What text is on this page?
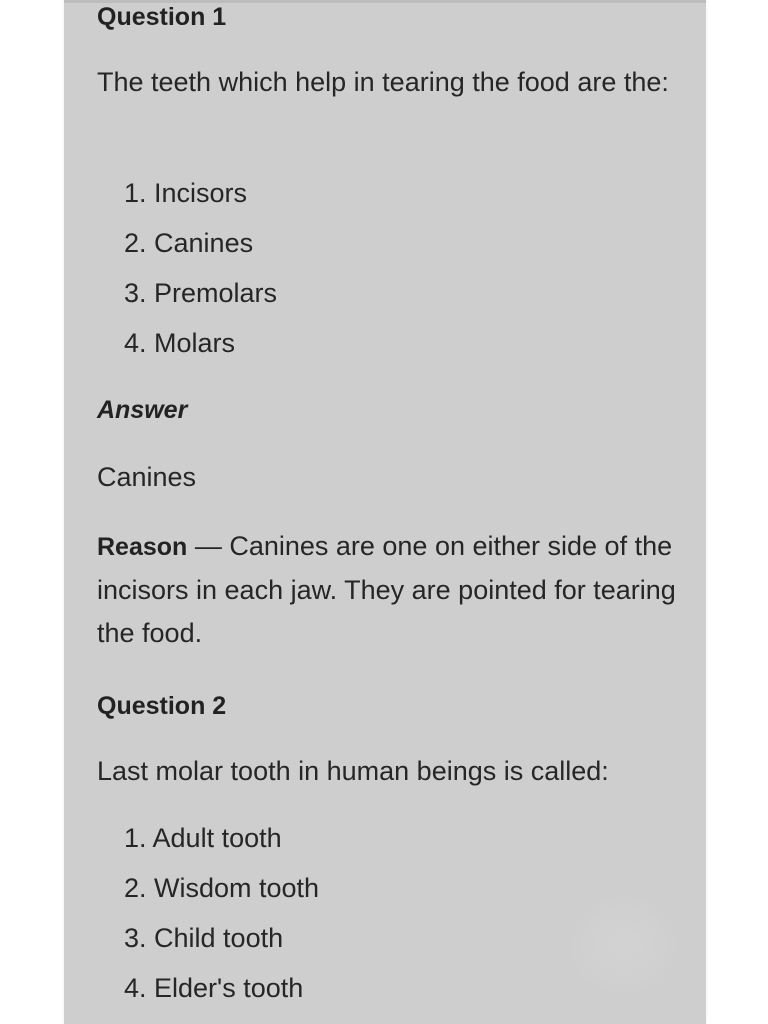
Question 1
The teeth which help in tearing the food are the:
1. Incisors
2. Canines
3. Premolars
4. Molars
Answer
Canines
Reason — Canines are one on either side of the incisors in each jaw. They are pointed for tearing the food.
Question 2
Last molar tooth in human beings is called:
1. Adult tooth
2. Wisdom tooth
3. Child tooth
4. Elder's tooth
